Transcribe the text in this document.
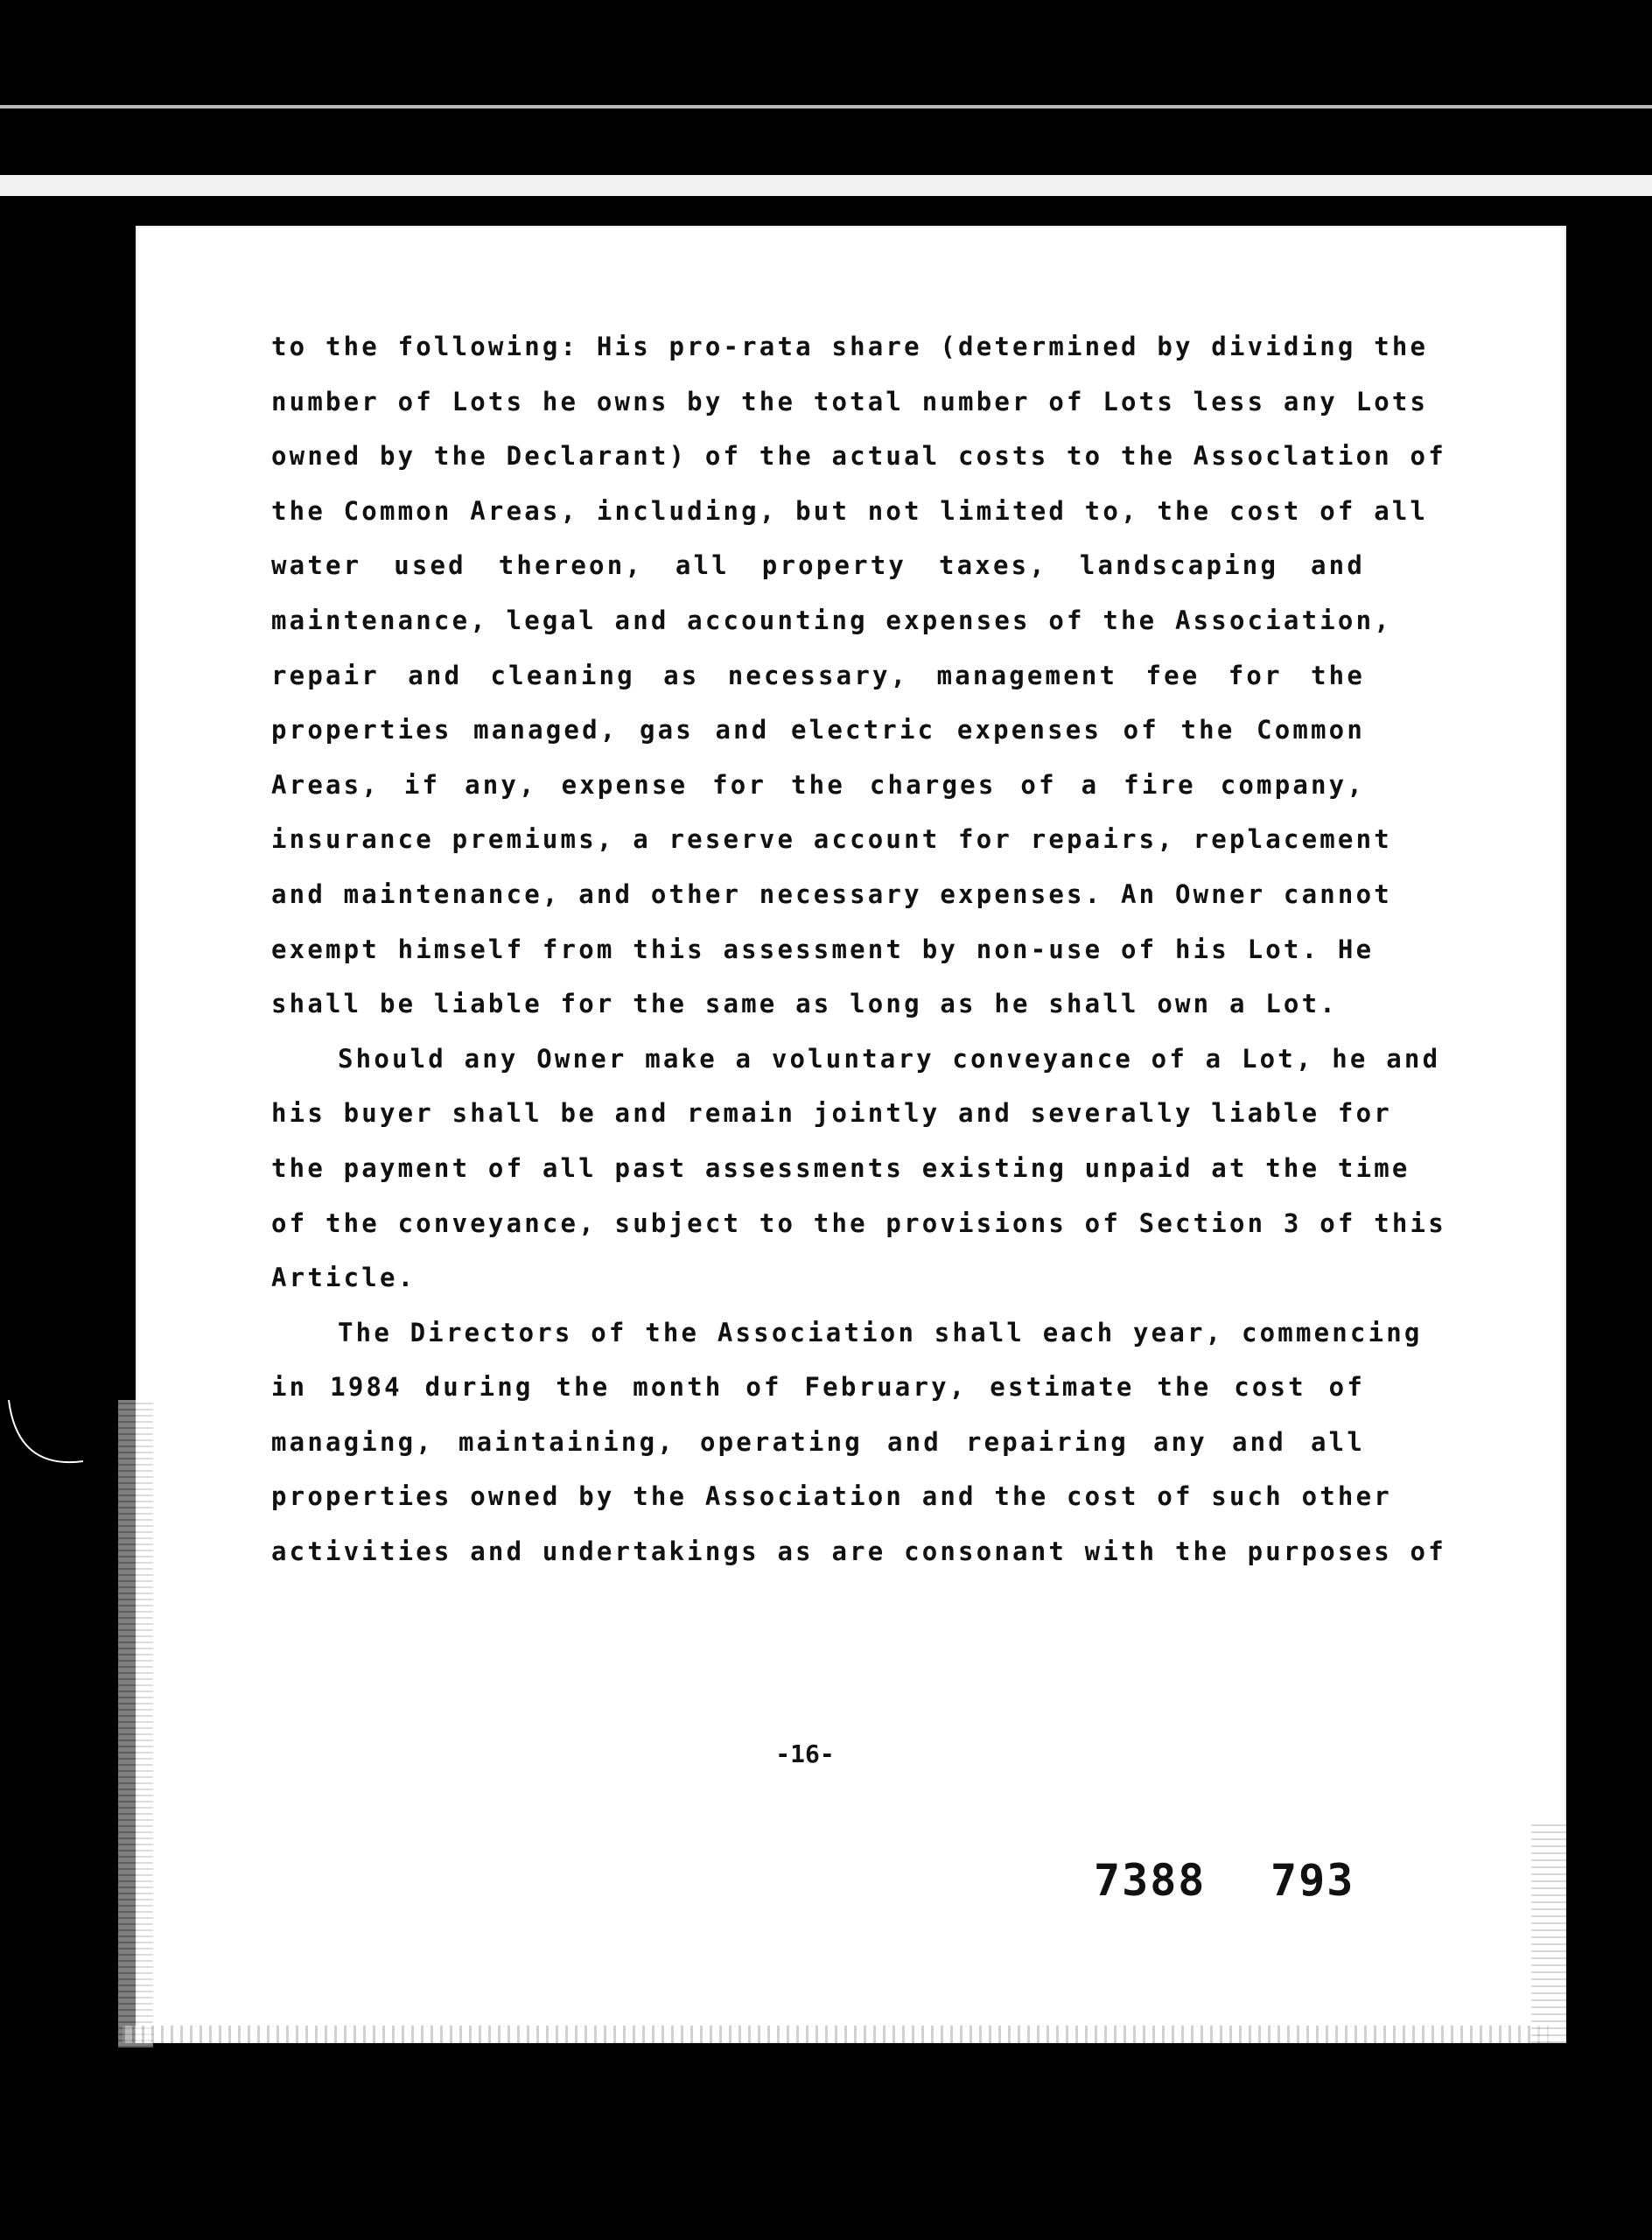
to the following: His pro-rata share (determined by dividing the
number of Lots he owns by the total number of Lots less any Lots
owned by the Declarant) of the actual costs to the Assoclation of
the Common Areas, including, but not limited to, the cost of all
water used thereon, all property taxes, landscaping and
maintenance, legal and accounting expenses of the Association,
repair and cleaning as necessary, management fee for the
properties managed, gas and electric expenses of the Common
Areas, if any, expense for the charges of a fire company,
insurance premiums, a reserve account for repairs, replacement
and maintenance, and other necessary expenses. An Owner cannot
exempt himself from this assessment by non-use of his Lot. He
shall be liable for the same as long as he shall own a Lot.
Should any Owner make a voluntary conveyance of a Lot, he and
his buyer shall be and remain jointly and severally liable for
the payment of all past assessments existing unpaid at the time
of the conveyance, subject to the provisions of Section 3 of this
Article.
The Directors of the Association shall each year, commencing
in 1984 during the month of February, estimate the cost of
managing, maintaining, operating and repairing any and all
properties owned by the Association and the cost of such other
activities and undertakings as are consonant with the purposes of
-16-
7388 793
